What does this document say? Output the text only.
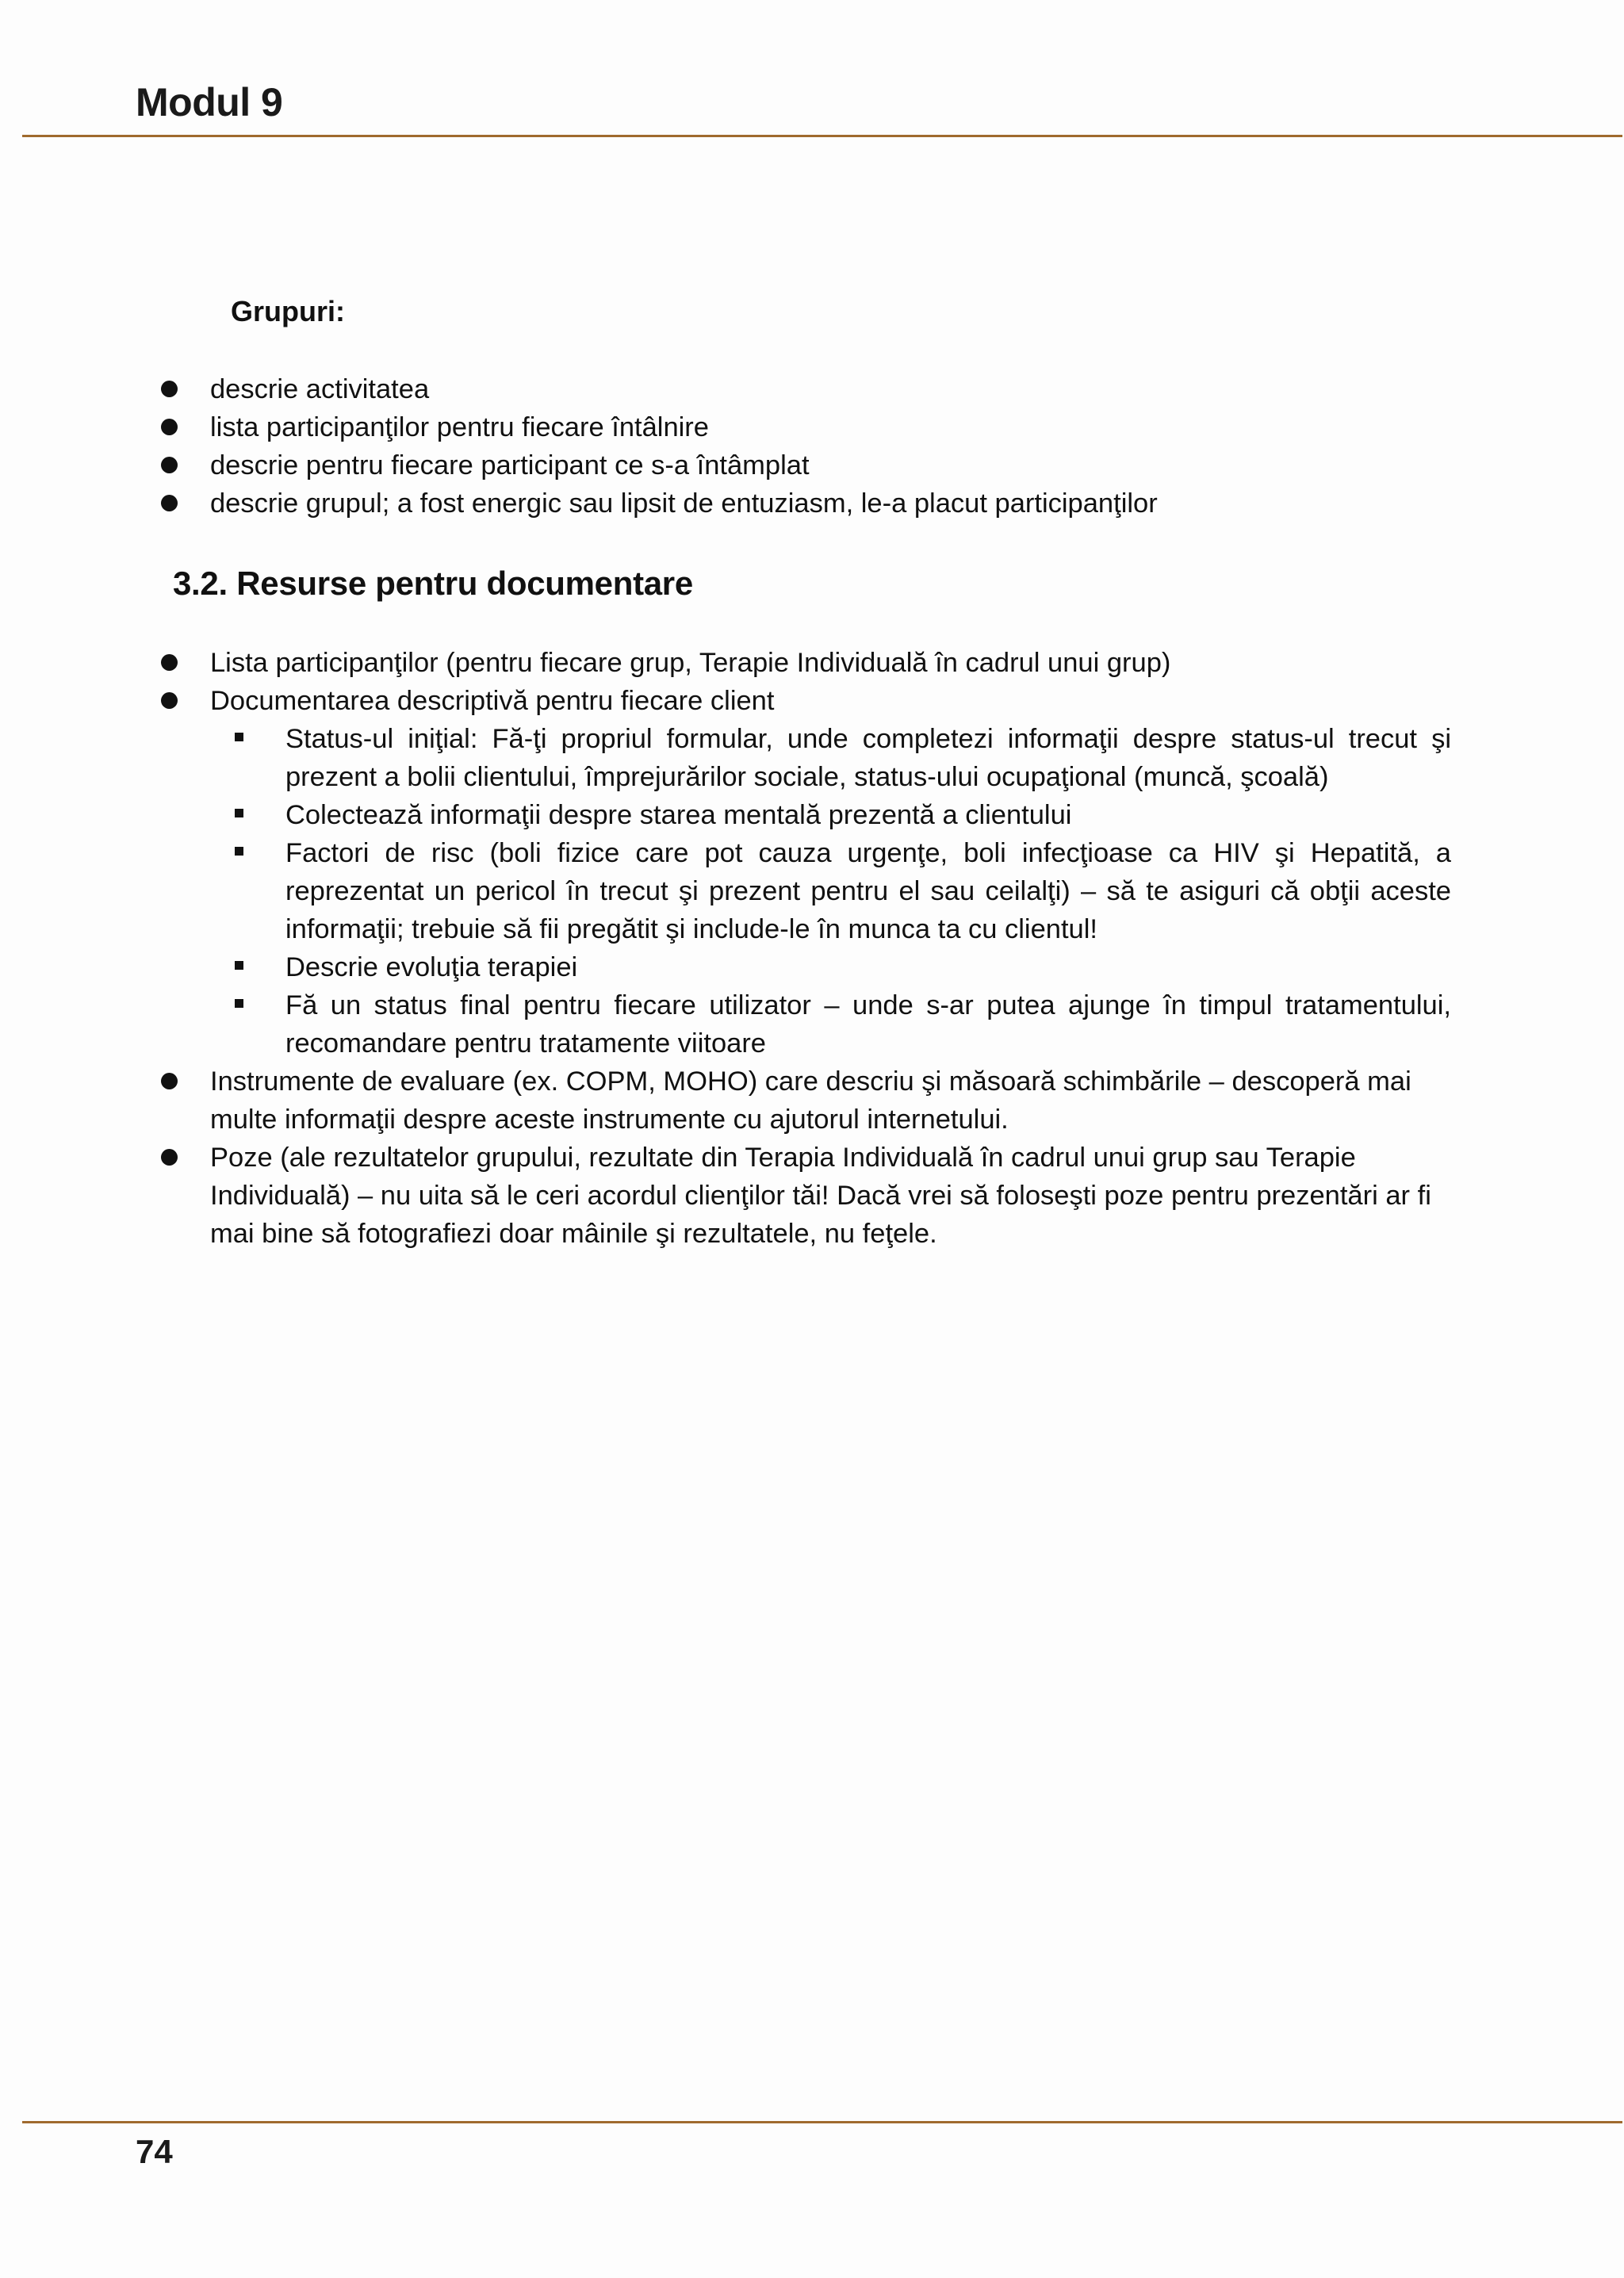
Modul 9
Grupuri:
descrie activitatea
lista participanţilor pentru fiecare întâlnire
descrie pentru fiecare participant ce s-a întâmplat
descrie grupul; a fost energic sau lipsit de entuziasm, le-a placut participanţilor
3.2. Resurse pentru documentare
Lista participanţilor (pentru fiecare grup, Terapie Individuală în cadrul unui grup)
Documentarea descriptivă pentru fiecare client
Status-ul iniţial: Fă-ţi propriul formular, unde completezi informaţii despre status-ul trecut şi prezent a bolii clientului, împrejurărilor sociale, status-ului ocupaţional (muncă, şcoală)
Colectează informaţii despre starea mentală prezentă a clientului
Factori de risc (boli fizice care pot cauza urgenţe, boli infecţioase ca HIV şi Hepatită, a reprezentat un pericol în trecut şi prezent pentru el sau ceilalţi) – să te asiguri că obţii aceste informaţii; trebuie să fii pregătit şi include-le în munca ta cu clientul!
Descrie evoluţia terapiei
Fă un status final pentru fiecare utilizator – unde s-ar putea ajunge în timpul tratamentului, recomandare pentru tratamente viitoare
Instrumente de evaluare (ex. COPM, MOHO) care descriu şi măsoară schimbările – descoperă mai multe informaţii despre aceste instrumente cu ajutorul internetului.
Poze (ale rezultatelor grupului, rezultate din Terapia Individuală în cadrul unui grup sau Terapie Individuală) – nu uita să le ceri acordul clienţilor tăi! Dacă vrei să foloseşti poze pentru prezentări ar fi mai bine să fotografiezi doar mâinile şi rezultatele, nu feţele.
74
